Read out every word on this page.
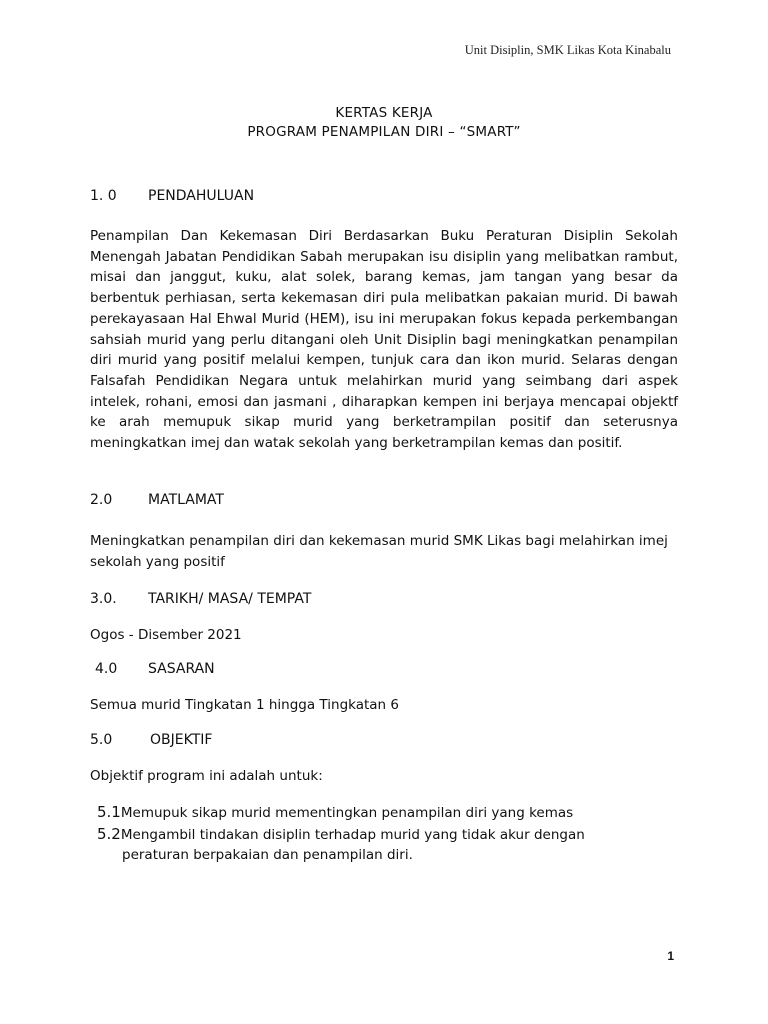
Unit Disiplin, SMK Likas Kota Kinabalu
KERTAS KERJA
PROGRAM PENAMPILAN DIRI – “SMART”
1. 0 PENDAHULUAN
Penampilan Dan Kekemasan Diri Berdasarkan Buku Peraturan Disiplin Sekolah Menengah Jabatan Pendidikan Sabah merupakan isu disiplin yang melibatkan rambut, misai dan janggut, kuku, alat solek, barang kemas, jam tangan yang besar da berbentuk perhiasan, serta kekemasan diri pula melibatkan pakaian murid. Di bawah perekayasaan Hal Ehwal Murid (HEM), isu ini merupakan fokus kepada perkembangan sahsiah murid yang perlu ditangani oleh Unit Disiplin bagi meningkatkan penampilan diri murid yang positif melalui kempen, tunjuk cara dan ikon murid. Selaras dengan Falsafah Pendidikan Negara untuk melahirkan murid yang seimbang dari aspek intelek, rohani, emosi dan jasmani , diharapkan kempen ini berjaya mencapai objektf ke arah memupuk sikap murid yang berketrampilan positif dan seterusnya meningkatkan imej dan watak sekolah yang berketrampilan kemas dan positif.
2.0	MATLAMAT
Meningkatkan penampilan diri dan kekemasan murid SMK Likas bagi melahirkan imej sekolah yang positif
3.0. TARIKH/ MASA/ TEMPAT
Ogos - Disember 2021
4.0 SASARAN
Semua murid Tingkatan 1 hingga Tingkatan 6
5.0	OBJEKTIF
Objektif program ini adalah untuk:
5.1Memupuk sikap murid mementingkan penampilan diri yang kemas
5.2Mengambil tindakan disiplin terhadap murid yang tidak akur dengan
peraturan berpakaian dan penampilan diri.
1
